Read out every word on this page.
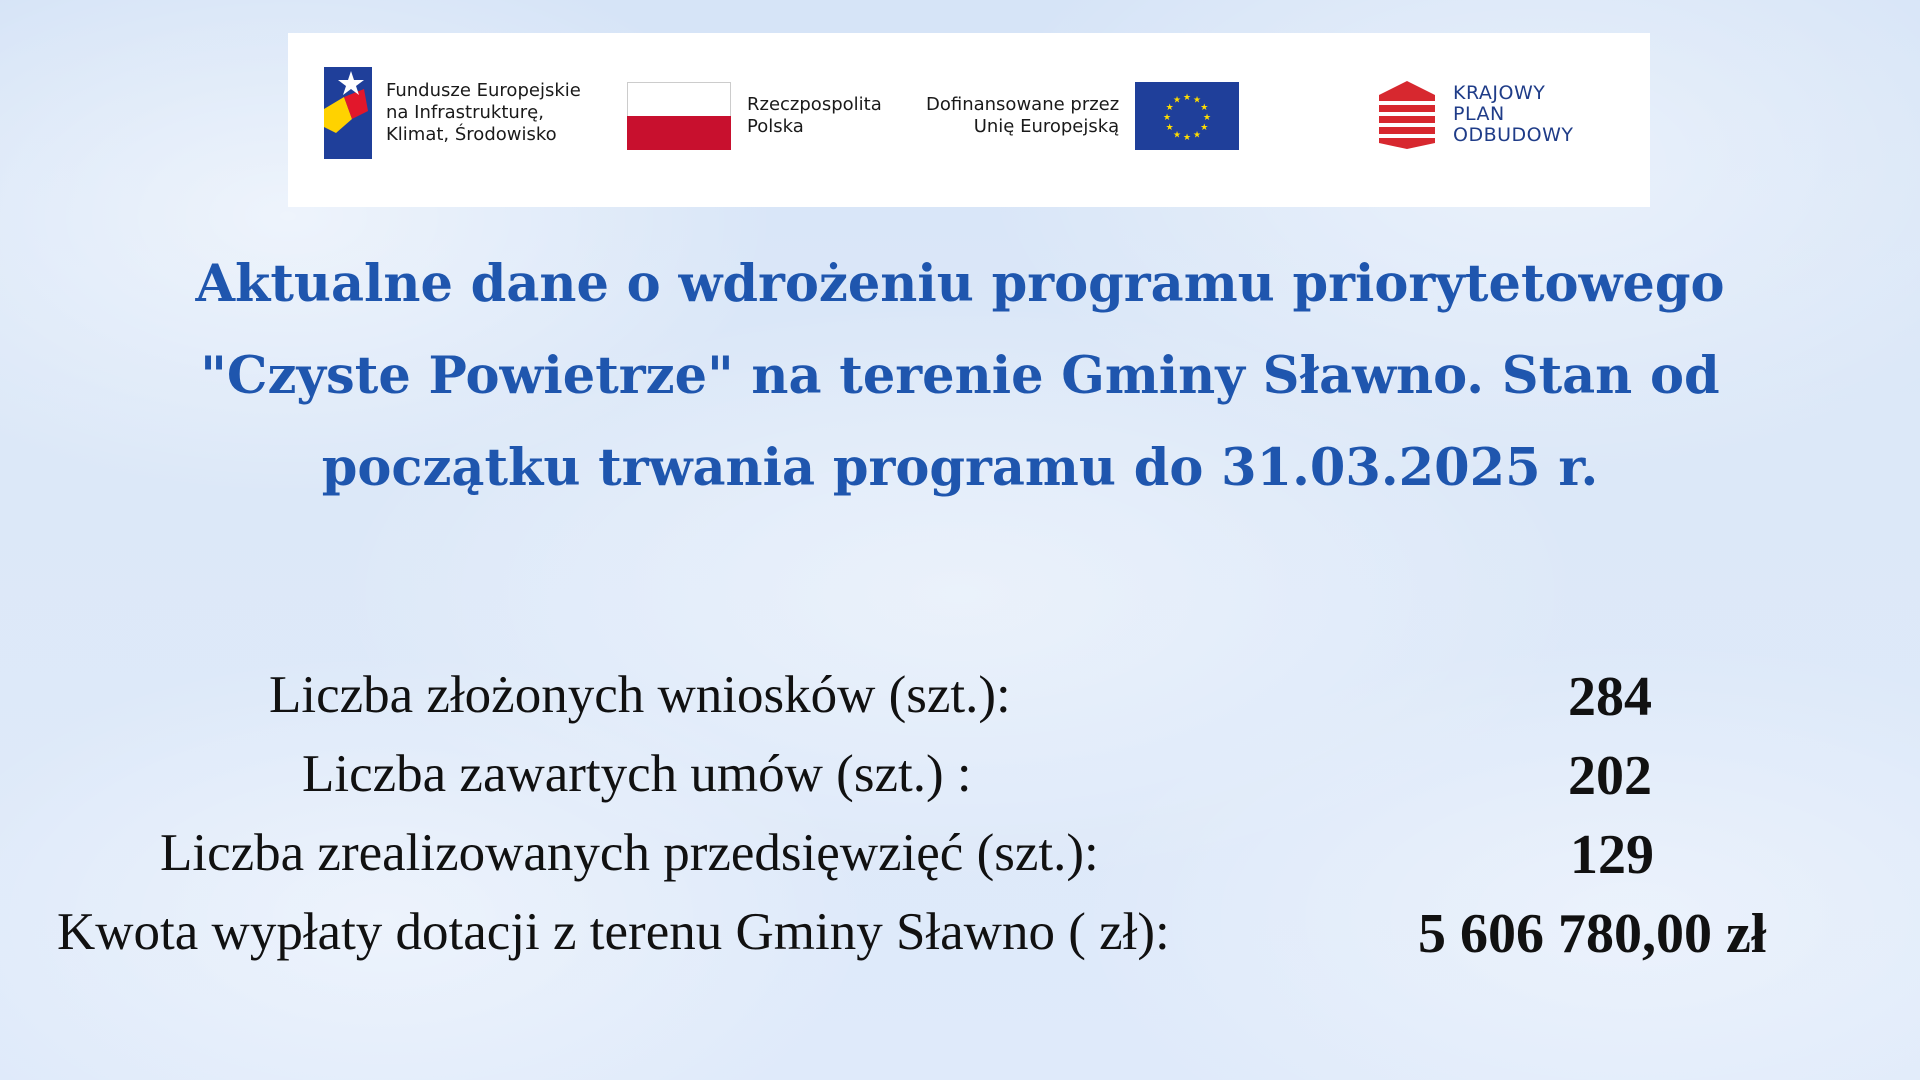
Fundusze Europejskie
na Infrastrukturę,
Klimat, Środowisko
Rzeczpospolita
Polska
Dofinansowane przez
Unię Europejską
★ ★
★
★
★
★
★
★
★
★
★
★	KRAJOWY
PLAN
ODBUDOWY
Aktualne dane o wdrożeniu programu priorytetowego
"Czyste Powietrze" na terenie Gminy Sławno. Stan od
początku trwania programu do 31.03.2025 r.
Liczba złożonych wniosków (szt.):	284
Liczba zawartych umów (szt.) :	202
Liczba zrealizowanych przedsięwzięć (szt.):	129
Kwota wypłaty dotacji z terenu Gminy Sławno ( zł):	5 606 780,00 zł
